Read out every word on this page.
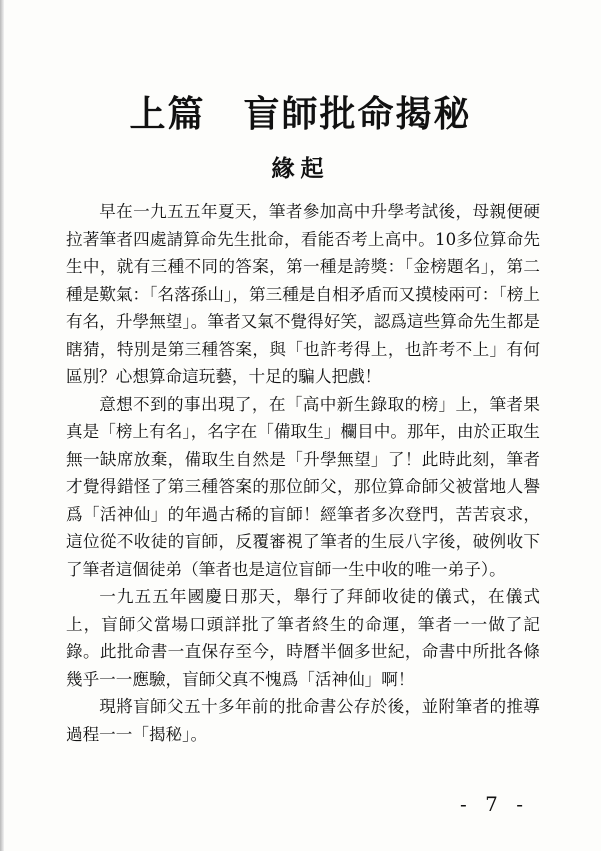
上篇　盲師批命揭秘
緣起

早在一九五五年夏天，筆者參加高中升學考試後，母親便硬拉著筆者四處請算命先生批命，看能否考上高中。10多位算命先生中，就有三種不同的答案，第一種是誇獎：「金榜題名」，第二種是歎氣：「名落孫山」，第三種是自相矛盾而又摸棱兩可：「榜上有名，升學無望」。筆者又氣不覺得好笑，認爲這些算命先生都是瞎猜，特別是第三種答案，與「也許考得上，也許考不上」有何區別？心想算命這玩藝，十足的騙人把戲！

意想不到的事出現了，在「高中新生錄取的榜」上，筆者果真是「榜上有名」，名字在「備取生」欄目中。那年，由於正取生無一缺席放棄，備取生自然是「升學無望」了！此時此刻，筆者才覺得錯怪了第三種答案的那位師父，那位算命師父被當地人譽爲「活神仙」的年過古稀的盲師！經筆者多次登門，苦苦哀求，這位從不收徒的盲師，反覆審視了筆者的生辰八字後，破例收下了筆者這個徒弟（筆者也是這位盲師一生中收的唯一弟子）。

一九五五年國慶日那天，舉行了拜師收徒的儀式，在儀式上，盲師父當場口頭詳批了筆者終生的命運，筆者一一做了記錄。此批命書一直保存至今，時曆半個多世紀，命書中所批各條幾乎一一應驗，盲師父真不愧爲「活神仙」啊！

現將盲師父五十多年前的批命書公存於後，並附筆者的推導過程一一「揭秘」。

- 7 -
